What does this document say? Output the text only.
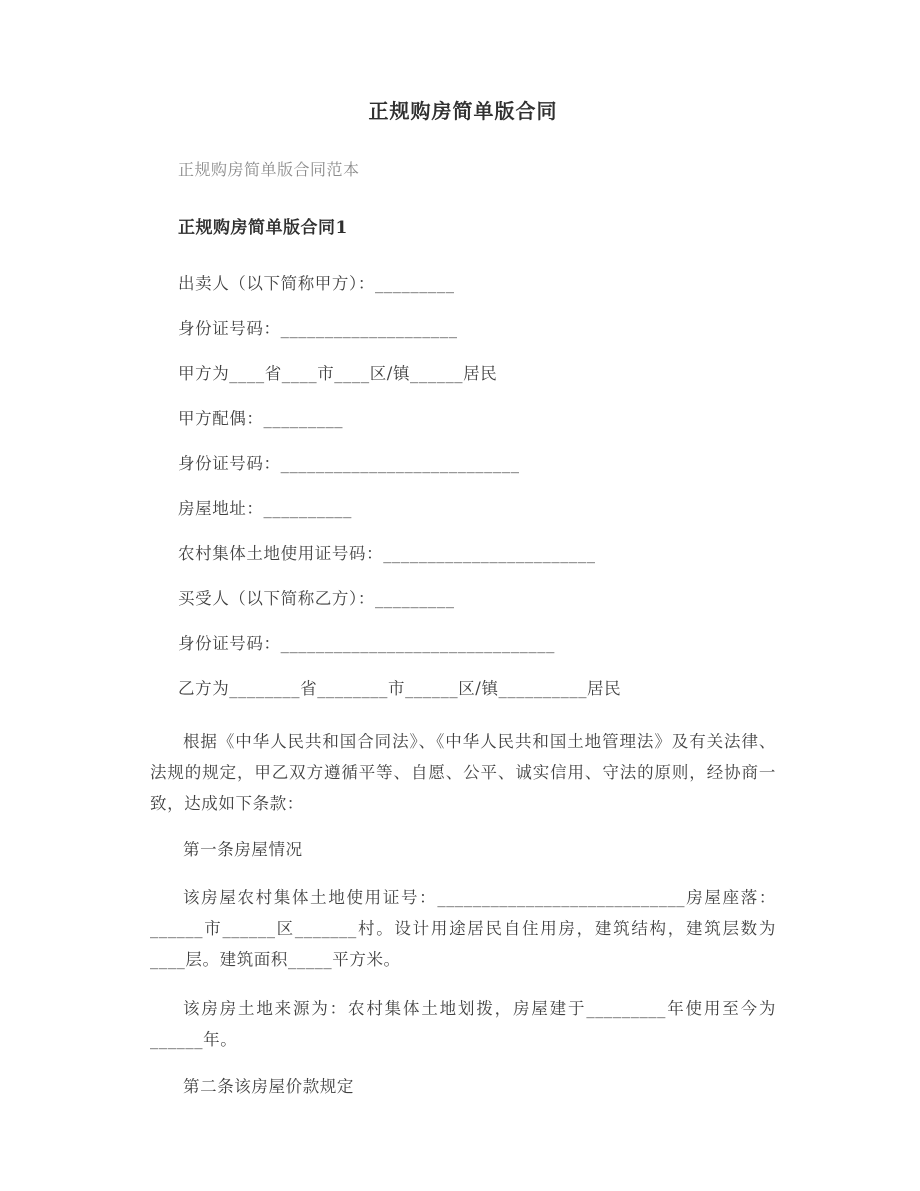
正规购房简单版合同

正规购房简单版合同范本

正规购房简单版合同1

出卖人（以下简称甲方）：_________

身份证号码：____________________

甲方为____省____市____区/镇______居民

甲方配偶：_________

身份证号码：___________________________

房屋地址：__________

农村集体土地使用证号码：________________________

买受人（以下简称乙方）：_________

身份证号码：_______________________________

乙方为________省________市______区/镇__________居民

根据《中华人民共和国合同法》、《中华人民共和国土地管理法》及有关法律、法规的规定，甲乙双方遵循平等、自愿、公平、诚实信用、守法的原则，经协商一致，达成如下条款：

第一条房屋情况

该房屋农村集体土地使用证号：____________________________房屋座落：______市______区_______村。设计用途居民自住用房，建筑结构，建筑层数为____层。建筑面积_____平方米。

该房房土地来源为：农村集体土地划拨，房屋建于_________年使用至今为______年。

第二条该房屋价款规定
